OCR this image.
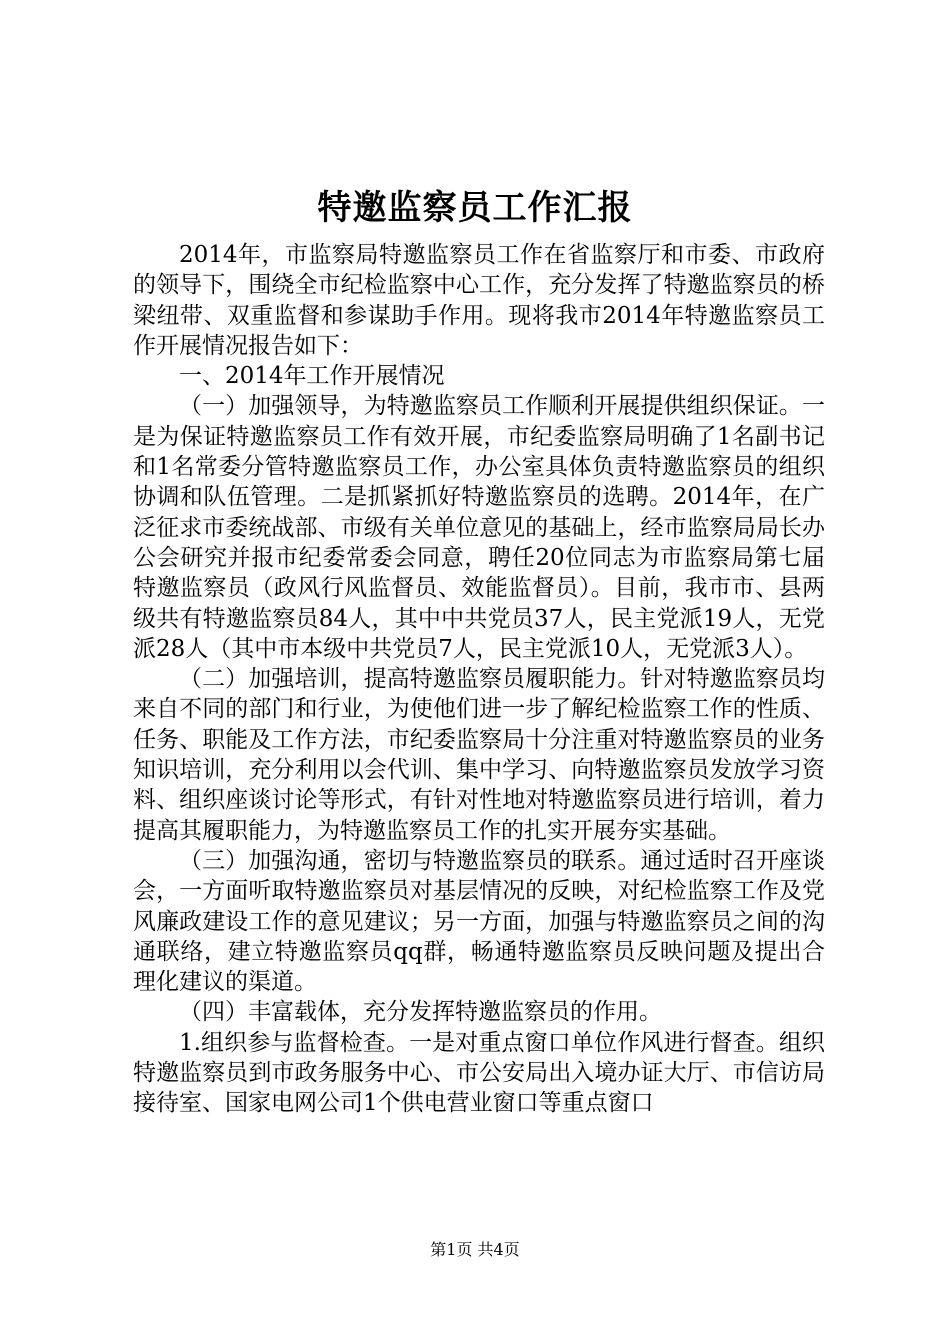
特邀监察员工作汇报

2014年，市监察局特邀监察员工作在省监察厅和市委、市政府的领导下，围绕全市纪检监察中心工作，充分发挥了特邀监察员的桥梁纽带、双重监督和参谋助手作用。现将我市2014年特邀监察员工作开展情况报告如下：

一、2014年工作开展情况

（一）加强领导，为特邀监察员工作顺利开展提供组织保证。一是为保证特邀监察员工作有效开展，市纪委监察局明确了1名副书记和1名常委分管特邀监察员工作，办公室具体负责特邀监察员的组织协调和队伍管理。二是抓紧抓好特邀监察员的选聘。2014年，在广泛征求市委统战部、市级有关单位意见的基础上，经市监察局局长办公会研究并报市纪委常委会同意，聘任20位同志为市监察局第七届特邀监察员（政风行风监督员、效能监督员）。目前，我市市、县两级共有特邀监察员84人，其中中共党员37人，民主党派19人，无党派28人（其中市本级中共党员7人，民主党派10人，无党派3人）。

（二）加强培训，提高特邀监察员履职能力。针对特邀监察员均来自不同的部门和行业，为使他们进一步了解纪检监察工作的性质、任务、职能及工作方法，市纪委监察局十分注重对特邀监察员的业务知识培训，充分利用以会代训、集中学习、向特邀监察员发放学习资料、组织座谈讨论等形式，有针对性地对特邀监察员进行培训，着力提高其履职能力，为特邀监察员工作的扎实开展夯实基础。

（三）加强沟通，密切与特邀监察员的联系。通过适时召开座谈会，一方面听取特邀监察员对基层情况的反映，对纪检监察工作及党风廉政建设工作的意见建议；另一方面，加强与特邀监察员之间的沟通联络，建立特邀监察员qq群，畅通特邀监察员反映问题及提出合理化建议的渠道。

（四）丰富载体，充分发挥特邀监察员的作用。

1.组织参与监督检查。一是对重点窗口单位作风进行督查。组织特邀监察员到市政务服务中心、市公安局出入境办证大厅、市信访局接待室、国家电网公司1个供电营业窗口等重点窗口

第1页 共4页
